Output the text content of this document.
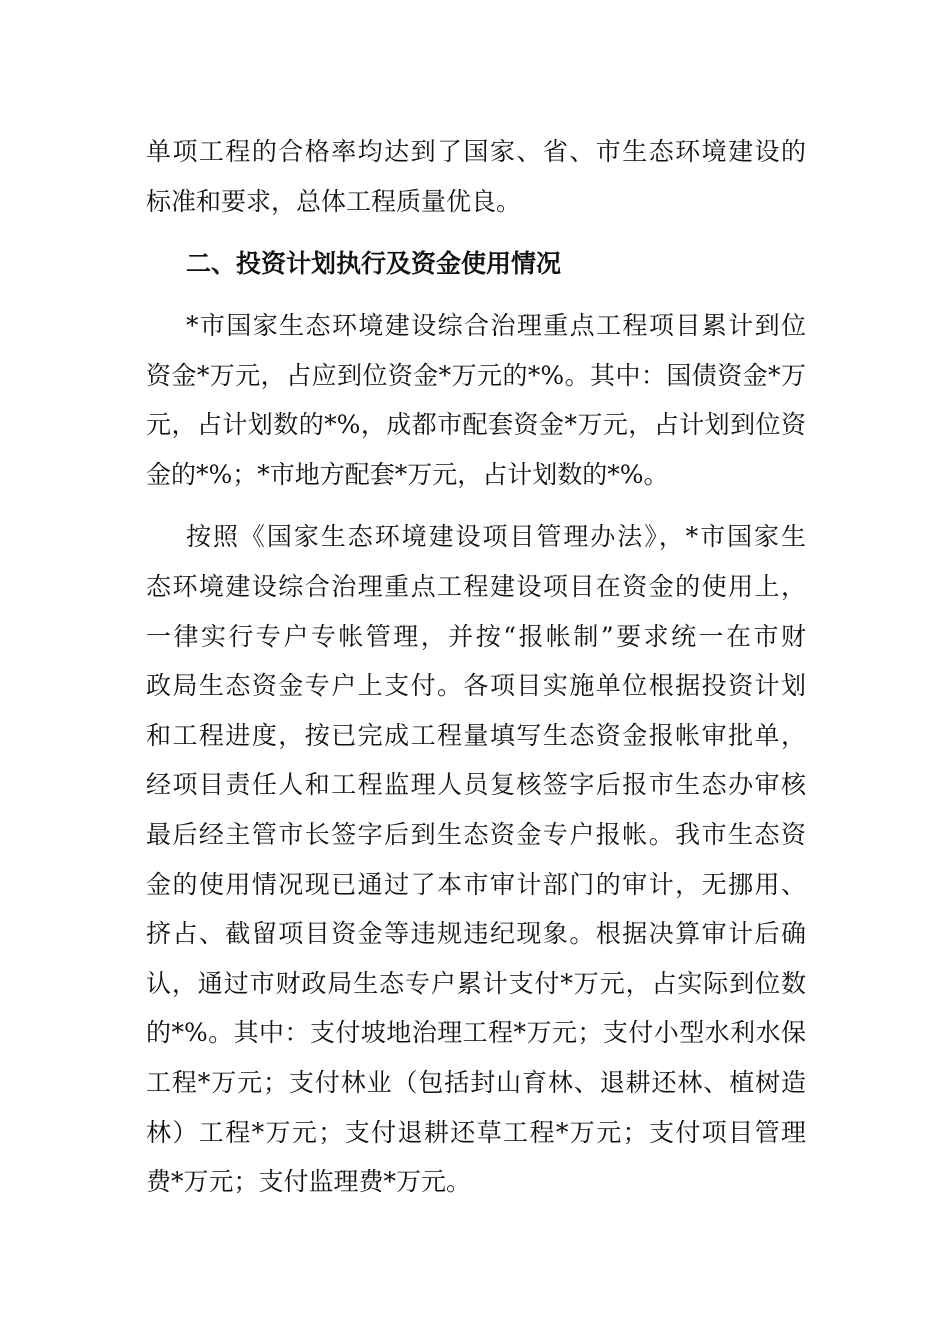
单项工程的合格率均达到了国家、省、市生态环境建设的
标准和要求，总体工程质量优良。
二、投资计划执行及资金使用情况
*市国家生态环境建设综合治理重点工程项目累计到位
资金*万元，占应到位资金*万元的*%。其中：国债资金*万
元，占计划数的*%，成都市配套资金*万元，占计划到位资
金的*%；*市地方配套*万元，占计划数的*%。
按照《国家生态环境建设项目管理办法》，*市国家生
态环境建设综合治理重点工程建设项目在资金的使用上，
一律实行专户专帐管理，并按“报帐制”要求统一在市财
政局生态资金专户上支付。各项目实施单位根据投资计划
和工程进度，按已完成工程量填写生态资金报帐审批单，
经项目责任人和工程监理人员复核签字后报市生态办审核
最后经主管市长签字后到生态资金专户报帐。我市生态资
金的使用情况现已通过了本市审计部门的审计，无挪用、
挤占、截留项目资金等违规违纪现象。根据决算审计后确
认，通过市财政局生态专户累计支付*万元，占实际到位数
的*%。其中：支付坡地治理工程*万元；支付小型水利水保
工程*万元；支付林业（包括封山育林、退耕还林、植树造
林）工程*万元；支付退耕还草工程*万元；支付项目管理
费*万元；支付监理费*万元。
